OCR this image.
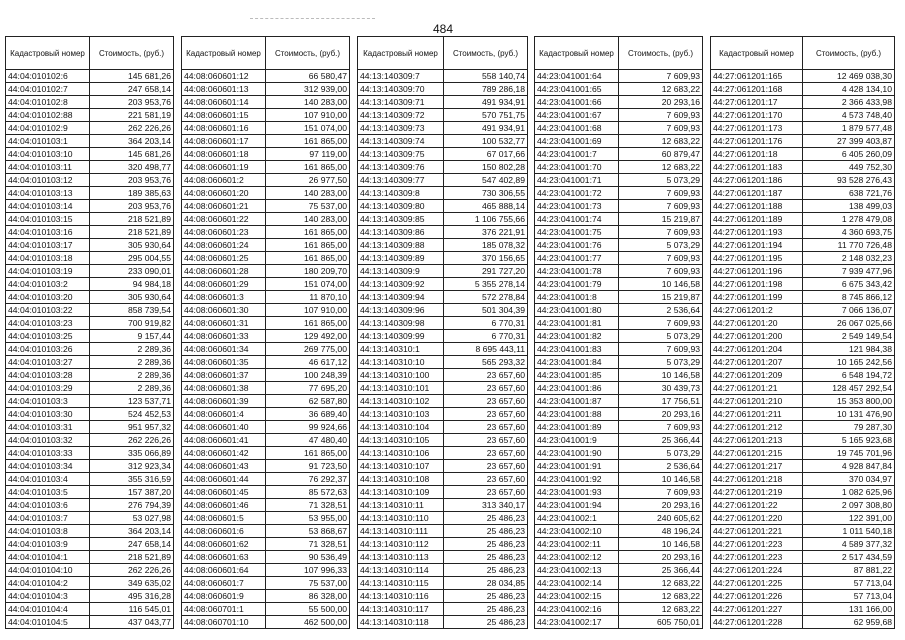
484
Кадастровый номер	Стоимость, (руб.)
44:04:010102:6	145 681,26
44:04:010102:7	247 658,14
44:04:010102:8	203 953,76
44:04:010102:88	221 581,19
44:04:010102:9	262 226,26
44:04:010103:1	364 203,14
44:04:010103:10	145 681,26
44:04:010103:11	320 498,77
44:04:010103:12	203 953,76
44:04:010103:13	189 385,63
44:04:010103:14	203 953,76
44:04:010103:15	218 521,89
44:04:010103:16	218 521,89
44:04:010103:17	305 930,64
44:04:010103:18	295 004,55
44:04:010103:19	233 090,01
44:04:010103:2	94 984,18
44:04:010103:20	305 930,64
44:04:010103:22	858 739,54
44:04:010103:23	700 919,82
44:04:010103:25	9 157,44
44:04:010103:26	2 289,36
44:04:010103:27	2 289,36
44:04:010103:28	2 289,36
44:04:010103:29	2 289,36
44:04:010103:3	123 537,71
44:04:010103:30	524 452,53
44:04:010103:31	951 957,32
44:04:010103:32	262 226,26
44:04:010103:33	335 066,89
44:04:010103:34	312 923,34
44:04:010103:4	355 316,59
44:04:010103:5	157 387,20
44:04:010103:6	276 794,39
44:04:010103:7	53 027,98
44:04:010103:8	364 203,14
44:04:010103:9	247 658,14
44:04:010104:1	218 521,89
44:04:010104:10	262 226,26
44:04:010104:2	349 635,02
44:04:010104:3	495 316,28
44:04:010104:4	116 545,01
44:04:010104:5	437 043,77
Кадастровый номер	Стоимость, (руб.)
44:08:060601:12	66 580,47
44:08:060601:13	312 939,00
44:08:060601:14	140 283,00
44:08:060601:15	107 910,00
44:08:060601:16	151 074,00
44:08:060601:17	161 865,00
44:08:060601:18	97 119,00
44:08:060601:19	161 865,00
44:08:060601:2	26 977,50
44:08:060601:20	140 283,00
44:08:060601:21	75 537,00
44:08:060601:22	140 283,00
44:08:060601:23	161 865,00
44:08:060601:24	161 865,00
44:08:060601:25	161 865,00
44:08:060601:28	180 209,70
44:08:060601:29	151 074,00
44:08:060601:3	11 870,10
44:08:060601:30	107 910,00
44:08:060601:31	161 865,00
44:08:060601:33	129 492,00
44:08:060601:34	269 775,00
44:08:060601:35	46 617,12
44:08:060601:37	100 248,39
44:08:060601:38	77 695,20
44:08:060601:39	62 587,80
44:08:060601:4	36 689,40
44:08:060601:40	99 924,66
44:08:060601:41	47 480,40
44:08:060601:42	161 865,00
44:08:060601:43	91 723,50
44:08:060601:44	76 292,37
44:08:060601:45	85 572,63
44:08:060601:46	71 328,51
44:08:060601:5	53 955,00
44:08:060601:6	53 868,67
44:08:060601:62	71 328,51
44:08:060601:63	90 536,49
44:08:060601:64	107 996,33
44:08:060601:7	75 537,00
44:08:060601:9	86 328,00
44:08:060701:1	55 500,00
44:08:060701:10	462 500,00
Кадастровый номер	Стоимость, (руб.)
44:13:140309:7	558 140,74
44:13:140309:70	789 286,18
44:13:140309:71	491 934,91
44:13:140309:72	570 751,75
44:13:140309:73	491 934,91
44:13:140309:74	100 532,77
44:13:140309:75	67 017,66
44:13:140309:76	150 802,28
44:13:140309:77	547 402,89
44:13:140309:8	730 306,55
44:13:140309:80	465 888,14
44:13:140309:85	1 106 755,66
44:13:140309:86	376 221,91
44:13:140309:88	185 078,32
44:13:140309:89	370 156,65
44:13:140309:9	291 727,20
44:13:140309:92	5 355 278,14
44:13:140309:94	572 278,84
44:13:140309:96	501 304,39
44:13:140309:98	6 770,31
44:13:140309:99	6 770,31
44:13:140310:1	8 695 443,11
44:13:140310:10	565 293,32
44:13:140310:100	23 657,60
44:13:140310:101	23 657,60
44:13:140310:102	23 657,60
44:13:140310:103	23 657,60
44:13:140310:104	23 657,60
44:13:140310:105	23 657,60
44:13:140310:106	23 657,60
44:13:140310:107	23 657,60
44:13:140310:108	23 657,60
44:13:140310:109	23 657,60
44:13:140310:11	313 340,17
44:13:140310:110	25 486,23
44:13:140310:111	25 486,23
44:13:140310:112	25 486,23
44:13:140310:113	25 486,23
44:13:140310:114	25 486,23
44:13:140310:115	28 034,85
44:13:140310:116	25 486,23
44:13:140310:117	25 486,23
44:13:140310:118	25 486,23
Кадастровый номер	Стоимость, (руб.)
44:23:041001:64	7 609,93
44:23:041001:65	12 683,22
44:23:041001:66	20 293,16
44:23:041001:67	7 609,93
44:23:041001:68	7 609,93
44:23:041001:69	12 683,22
44:23:041001:7	60 879,47
44:23:041001:70	12 683,22
44:23:041001:71	5 073,29
44:23:041001:72	7 609,93
44:23:041001:73	7 609,93
44:23:041001:74	15 219,87
44:23:041001:75	7 609,93
44:23:041001:76	5 073,29
44:23:041001:77	7 609,93
44:23:041001:78	7 609,93
44:23:041001:79	10 146,58
44:23:041001:8	15 219,87
44:23:041001:80	2 536,64
44:23:041001:81	7 609,93
44:23:041001:82	5 073,29
44:23:041001:83	7 609,93
44:23:041001:84	5 073,29
44:23:041001:85	10 146,58
44:23:041001:86	30 439,73
44:23:041001:87	17 756,51
44:23:041001:88	20 293,16
44:23:041001:89	7 609,93
44:23:041001:9	25 366,44
44:23:041001:90	5 073,29
44:23:041001:91	2 536,64
44:23:041001:92	10 146,58
44:23:041001:93	7 609,93
44:23:041001:94	20 293,16
44:23:041002:1	240 605,62
44:23:041002:10	48 196,24
44:23:041002:11	10 146,58
44:23:041002:12	20 293,16
44:23:041002:13	25 366,44
44:23:041002:14	12 683,22
44:23:041002:15	12 683,22
44:23:041002:16	12 683,22
44:23:041002:17	605 750,01
Кадастровый номер	Стоимость, (руб.)
44:27:061201:165	12 469 038,30
44:27:061201:168	4 428 134,10
44:27:061201:17	2 366 433,98
44:27:061201:170	4 573 748,40
44:27:061201:173	1 879 577,48
44:27:061201:176	27 399 403,87
44:27:061201:18	6 405 260,09
44:27:061201:183	449 752,30
44:27:061201:186	93 528 276,43
44:27:061201:187	638 721,76
44:27:061201:188	138 499,03
44:27:061201:189	1 278 479,08
44:27:061201:193	4 360 693,75
44:27:061201:194	11 770 726,48
44:27:061201:195	2 148 032,23
44:27:061201:196	7 939 477,96
44:27:061201:198	6 675 343,42
44:27:061201:199	8 745 866,12
44:27:061201:2	7 066 136,07
44:27:061201:20	26 067 025,66
44:27:061201:200	2 549 149,54
44:27:061201:204	121 984,38
44:27:061201:207	10 165 242,56
44:27:061201:209	6 548 194,72
44:27:061201:21	128 457 292,54
44:27:061201:210	15 353 800,00
44:27:061201:211	10 131 476,90
44:27:061201:212	79 287,30
44:27:061201:213	5 165 923,68
44:27:061201:215	19 745 701,96
44:27:061201:217	4 928 847,84
44:27:061201:218	370 034,97
44:27:061201:219	1 082 625,96
44:27:061201:22	2 097 308,80
44:27:061201:220	122 391,00
44:27:061201:221	1 011 540,18
44:27:061201:223	4 589 377,32
44:27:061201:223	2 517 434,59
44:27:061201:224	87 881,22
44:27:061201:225	57 713,04
44:27:061201:226	57 713,04
44:27:061201:227	131 166,00
44:27:061201:228	62 959,68
